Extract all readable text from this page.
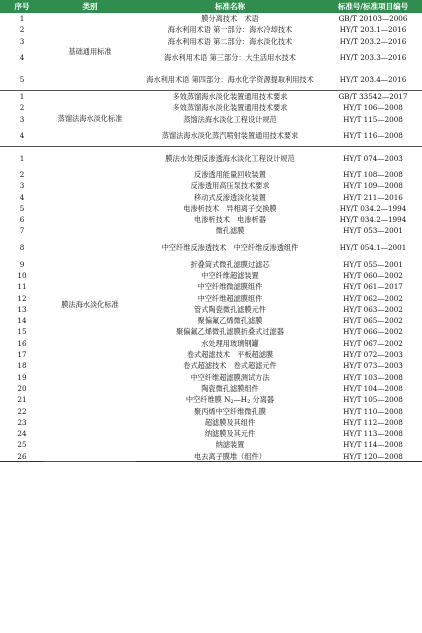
序号	类别	标准名称	标准号/标准项目编号
1	基础通用标准	膜分离技术　术语	GB/T 20103—2006
2		海水利用术语 第一部分：海水冷却技术	HY/T 203.1—2016
3		海水利用术语 第二部分：海水淡化技术	HY/T 203.2—2016
4		海水利用术语 第三部分：大生活用水技术	HY/T 203.3—2016
5		海水利用术语 第四部分：海水化学资源提取利用技术	HY/T 203.4—2016
1	蒸馏法海水淡化标准	多效蒸馏海水淡化装置通用技术要求	GB/T 33542—2017
2		多效蒸馏海水淡化装置通用技术要求	HY/T 106—2008
3		蒸馏法海水淡化工程设计规范	HY/T 115—2008
4		蒸馏法海水淡化蒸汽喷射装置通用技术要求	HY/T 116—2008
1	膜法海水淡化标准	膜法水处理反渗透海水淡化工程设计规范	HY/T 074—2003
2		反渗透用能量回收装置	HY/T 108—2008
3		反渗透用高压泵技术要求	HY/T 109—2008
4		移动式反渗透淡化装置	HY/T 211—2016
5		电渗析技术　异相离子交换膜	HY/T 034.2—1994
6		电渗析技术　电渗析器	HY/T 034.2—1994
7		微孔滤膜	HY/T 053—2001
8		中空纤维反渗透技术　中空纤维反渗透组件	HY/T 054.1—2001
9		折叠筒式微孔滤膜过滤芯	HY/T 055—2001
10		中空纤维超滤装置	HY/T 060—2002
11		中空纤维微滤膜组件	HY/T 061—2017
12		中空纤维超滤膜组件	HY/T 062—2002
13		管式陶瓷微孔滤膜元件	HY/T 063—2002
14		聚偏氟乙烯微孔滤膜	HY/T 065—2002
15		聚偏氟乙烯微孔滤膜折叠式过滤器	HY/T 066—2002
16		水处理用玻璃钢罐	HY/T 067—2002
17		卷式超滤技术　平板超滤膜	HY/T 072—2003
18		卷式超滤技术　卷式超滤元件	HY/T 073—2003
19		中空纤维超滤膜测试方法	HY/T 103—2008
20		陶瓷微孔滤膜组件	HY/T 104—2008
21		中空纤维膜 $N_2—H_2$ 分离器	HY/T 105—2008
22		聚丙烯中空纤维微孔膜	HY/T 110—2008
23		超滤膜及其组件	HY/T 112—2008
24		纳滤膜及其元件	HY/T 113—2008
25		纳滤装置	HY/T 114—2008
26		电去离子膜堆（组件）	HY/T 120—2008
